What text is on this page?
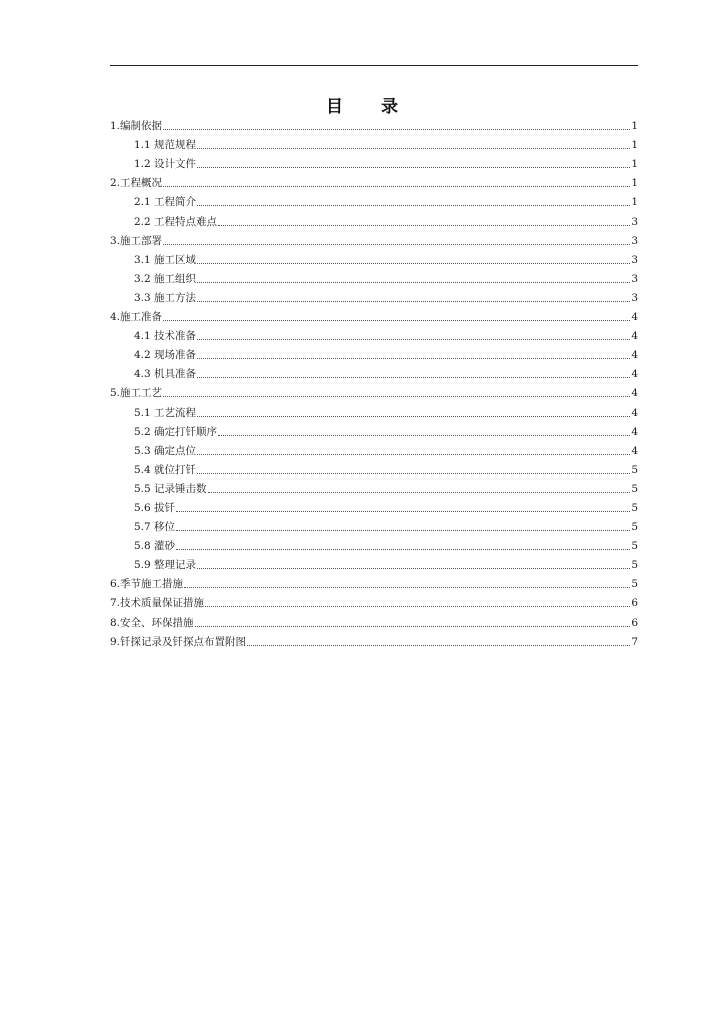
目 录
1.编制依据	1
1.1 规范规程	1
1.2 设计文件	1
2.工程概况	1
2.1 工程简介	1
2.2 工程特点难点	3
3.施工部署	3
3.1 施工区域	3
3.2 施工组织	3
3.3 施工方法	3
4.施工准备	4
4.1 技术准备	4
4.2 现场准备	4
4.3 机具准备	4
5.施工工艺	4
5.1 工艺流程	4
5.2 确定打钎顺序	4
5.3 确定点位	4
5.4 就位打钎	5
5.5 记录锤击数	5
5.6 拔钎	5
5.7 移位	5
5.8 灌砂	5
5.9 整理记录	5
6.季节施工措施	5
7.技术质量保证措施	6
8.安全、环保措施	6
9.钎探记录及钎探点布置附图	7
